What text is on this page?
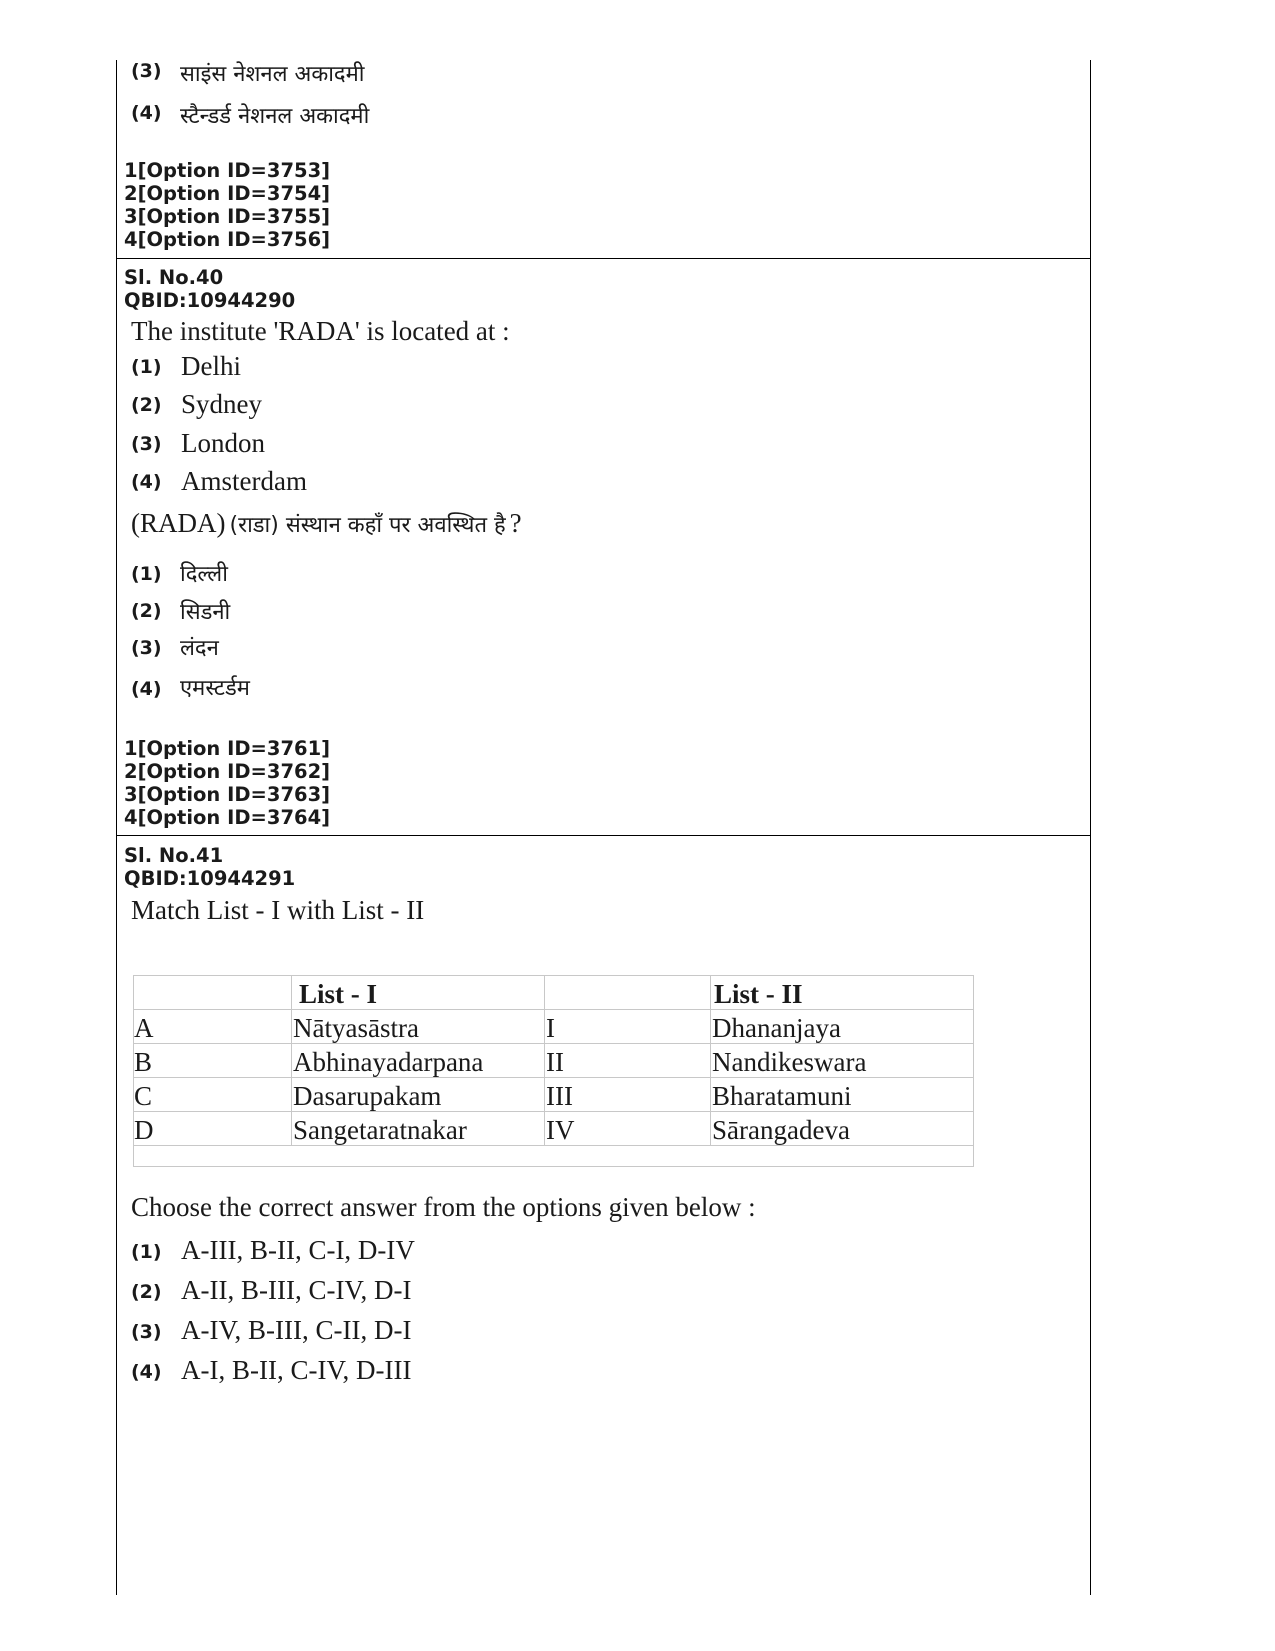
(3) साइंस नेशनल अकादमी
(4) स्टैन्डर्ड नेशनल अकादमी
1[Option ID=3753]
2[Option ID=3754]
3[Option ID=3755]
4[Option ID=3756]
Sl. No.40
QBID:10944290
The institute 'RADA' is located at :
(1) Delhi
(2) Sydney
(3) London
(4) Amsterdam
(RADA) (राडा) संस्थान कहाँ पर अवस्थित है ?
(1) दिल्ली
(2) सिडनी
(3) लंदन
(4) एमस्टर्डम
1[Option ID=3761]
2[Option ID=3762]
3[Option ID=3763]
4[Option ID=3764]
Sl. No.41
QBID:10944291
Match List - I with List - II
List - I	List - II
A	Nātyasāstra	I	Dhananjaya
B	Abhinayadarpana II	Nandikeswara
C	Dasarupakam	III	Bharatamuni
D	Sangetaratnakar	IV	Sārangadeva
Choose the correct answer from the options given below :
(1) A-III, B-II, C-I, D-IV
(2) A-II, B-III, C-IV, D-I
(3) A-IV, B-III, C-II, D-I
(4) A-I, B-II, C-IV, D-III
